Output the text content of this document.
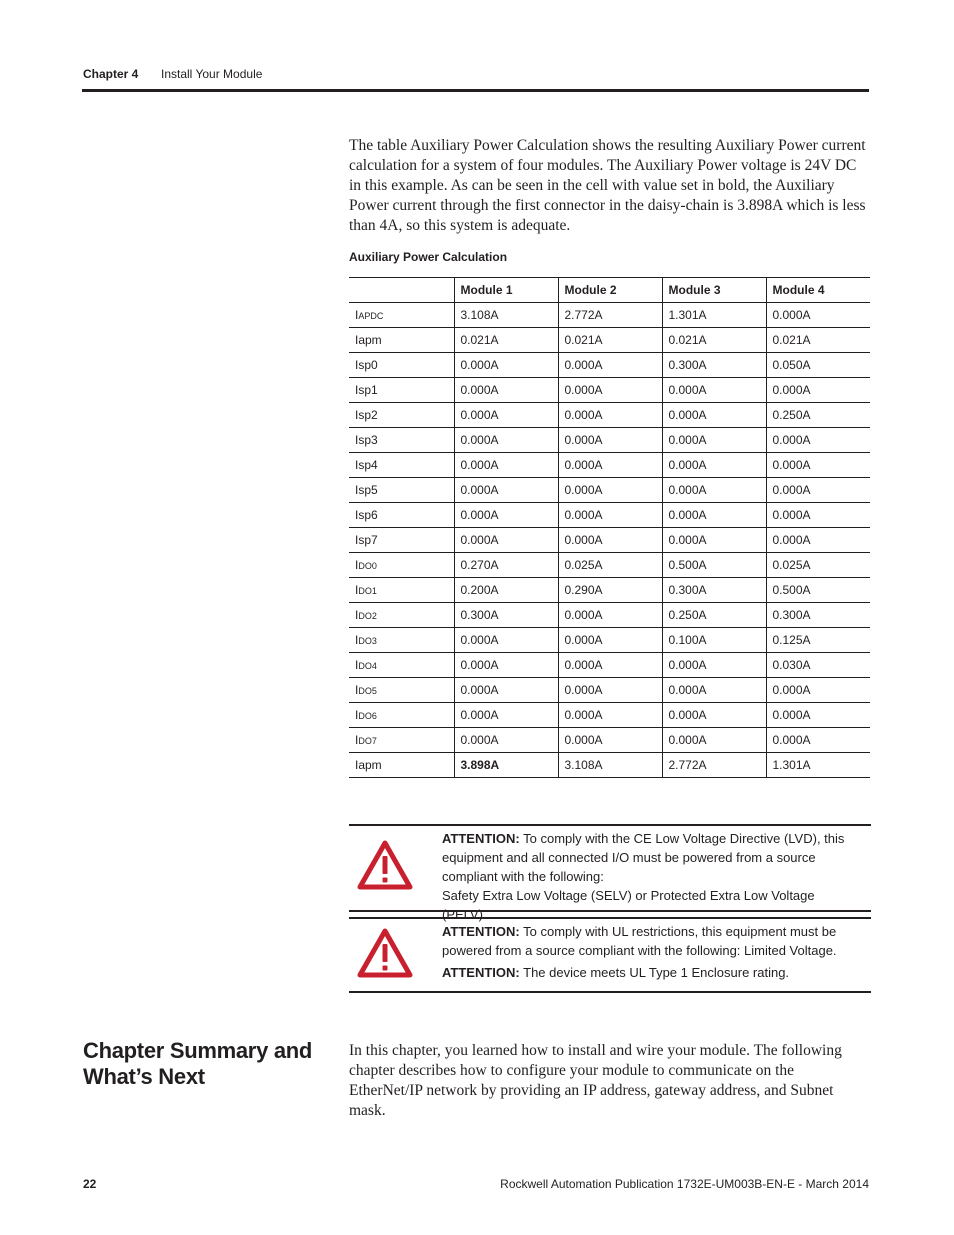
Chapter 4 Install Your Module

The table Auxiliary Power Calculation shows the resulting Auxiliary Power current calculation for a system of four modules. The Auxiliary Power voltage is 24V DC in this example. As can be seen in the cell with value set in bold, the Auxiliary Power current through the first connector in the daisy-chain is 3.898A which is less than 4A, so this system is adequate.

Auxiliary Power Calculation
	Module 1	Module 2	Module 3	Module 4
IAPDC	3.108A	2.772A	1.301A	0.000A
Iapm	0.021A	0.021A	0.021A	0.021A
Isp0	0.000A	0.000A	0.300A	0.050A
Isp1	0.000A	0.000A	0.000A	0.000A
Isp2	0.000A	0.000A	0.000A	0.250A
Isp3	0.000A	0.000A	0.000A	0.000A
Isp4	0.000A	0.000A	0.000A	0.000A
Isp5	0.000A	0.000A	0.000A	0.000A
Isp6	0.000A	0.000A	0.000A	0.000A
Isp7	0.000A	0.000A	0.000A	0.000A
IDO0	0.270A	0.025A	0.500A	0.025A
IDO1	0.200A	0.290A	0.300A	0.500A
IDO2	0.300A	0.000A	0.250A	0.300A
IDO3	0.000A	0.000A	0.100A	0.125A
IDO4	0.000A	0.000A	0.000A	0.030A
IDO5	0.000A	0.000A	0.000A	0.000A
IDO6	0.000A	0.000A	0.000A	0.000A
IDO7	0.000A	0.000A	0.000A	0.000A
Iapm	3.898A	3.108A	2.772A	1.301A
ATTENTION: To comply with the CE Low Voltage Directive (LVD), this equipment and all connected I/O must be powered from a source compliant with the following:
Safety Extra Low Voltage (SELV) or Protected Extra Low Voltage (PELV).
ATTENTION: To comply with UL restrictions, this equipment must be powered from a source compliant with the following: Limited Voltage.
ATTENTION: The device meets UL Type 1 Enclosure rating.
Chapter Summary and What’s Next

In this chapter, you learned how to install and wire your module. The following chapter describes how to configure your module to communicate on the EtherNet/IP network by providing an IP address, gateway address, and Subnet mask.

22	Rockwell Automation Publication 1732E-UM003B-EN-E - March 2014
